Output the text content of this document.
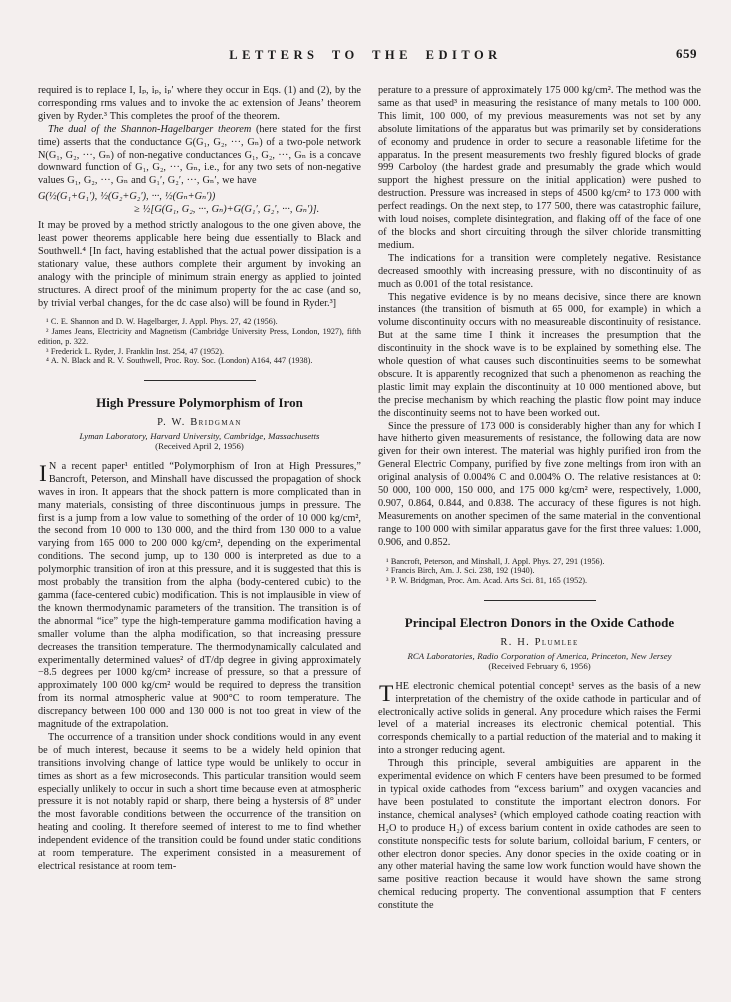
LETTERS TO THE EDITOR	659

required is to replace I, Iₚ, iₚ, iₚ′ where they occur in Eqs. (1) and (2), by the corresponding rms values and to invoke the ac extension of Jeans’ theorem given by Ryder.³ This completes the proof of the theorem.

The dual of the Shannon-Hagelbarger theorem (here stated for the first time) asserts that the conductance G(G₁, G₂, ···, Gₙ) of a two-pole network N(G₁, G₂, ···, Gₙ) of non-negative conductances G₁, G₂, ···, Gₙ is a concave downward function of G₁, G₂, ···, Gₙ, i.e., for any two sets of non-negative values G₁, G₂, ···, Gₙ and G₁′, G₂′, ···, Gₙ′, we have

G(½(G₁+G₁′), ½(G₂+G₂′), ···, ½(Gₙ+Gₙ′))
≥ ½[G(G₁, G₂, ···, Gₙ)+G(G₁′, G₂′, ···, Gₙ′)].

It may be proved by a method strictly analogous to the one given above, the least power theorems applicable here being due essentially to Black and Southwell.⁴ [In fact, having established that the actual power dissipation is a stationary value, these authors complete their argument by invoking an analogy with the principle of minimum strain energy as applied to jointed structures. A direct proof of the minimum property for the ac case (and so, by trivial verbal changes, for the dc case also) will be found in Ryder.³]

¹ C. E. Shannon and D. W. Hagelbarger, J. Appl. Phys. 27, 42 (1956).

² James Jeans, Electricity and Magnetism (Cambridge University Press, London, 1927), fifth edition, p. 322.

³ Frederick L. Ryder, J. Franklin Inst. 254, 47 (1952).

⁴ A. N. Black and R. V. Southwell, Proc. Roy. Soc. (London) A164, 447 (1938).

High Pressure Polymorphism of Iron
P. W. Bridgman
Lyman Laboratory, Harvard University, Cambridge, Massachusetts
(Received April 2, 1956)

I N a recent paper¹ entitled “Polymorphism of Iron at High Pressures,” Bancroft, Peterson, and Minshall have discussed the propagation of shock waves in iron. It appears that the shock pattern is more complicated than in many materials, consisting of three discontinuous jumps in pressure. The first is a jump from a low value to something of the order of 10 000 kg/cm², the second from 10 000 to 130 000, and the third from 130 000 to a value varying from 165 000 to 200 000 kg/cm², depending on the experimental conditions. The second jump, up to 130 000 is interpreted as due to a polymorphic transition of iron at this pressure, and it is suggested that this is most probably the transition from the alpha (body-centered cubic) to the gamma (face-centered cubic) modification. This is not implausible in view of the known thermodynamic parameters of the transition. The transition is of the abnormal “ice” type the high-temperature gamma modification having a smaller volume than the alpha modification, so that increasing pressure decreases the transition temperature. The thermodynamically calculated and experimentally determined values² of dT/dp degree in giving approximately −8.5 degrees per 1000 kg/cm² increase of pressure, so that a pressure of approximately 100 000 kg/cm² would be required to depress the transition from its normal atmospheric value at 900°C to room temperature. The discrepancy between 100 000 and 130 000 is not too great in view of the magnitude of the extrapolation.

The occurrence of a transition under shock conditions would in any event be of much interest, because it seems to be a widely held opinion that transitions involving change of lattice type would be unlikely to occur in times as short as a few microseconds. This particular transition would seem especially unlikely to occur in such a short time because even at atmospheric pressure it is not notably rapid or sharp, there being a hystersis of 8° under the most favorable conditions between the occurrence of the transition on heating and cooling. It therefore seemed of interest to me to find whether independent evidence of the transition could be found under static conditions at room temperature. The experiment consisted in a measurement of electrical resistance at room tem-

perature to a pressure of approximately 175 000 kg/cm². The method was the same as that used³ in measuring the resistance of many metals to 100 000. This limit, 100 000, of my previous measurements was not set by any absolute limitations of the apparatus but was primarily set by considerations of economy and prudence in order to secure a reasonable lifetime for the apparatus. In the present measurements two freshly figured blocks of grade 999 Carboloy (the hardest grade and presumably the grade which would support the highest pressure on the initial application) were pushed to destruction. Pressure was increased in steps of 4500 kg/cm² to 173 000 with perfect readings. On the next step, to 177 500, there was catastrophic failure, with loud noises, complete disintegration, and flaking off of the face of one of the blocks and short circuiting through the silver chloride transmitting medium.

The indications for a transition were completely negative. Resistance decreased smoothly with increasing pressure, with no discontinuity of as much as 0.001 of the total resistance.

This negative evidence is by no means decisive, since there are known instances (the transition of bismuth at 65 000, for example) in which a volume discontinuity occurs with no measureable discontinuity of resistance. But at the same time I think it increases the presumption that the discontinuity in the shock wave is to be explained by something else. The whole question of what causes such discontinuities seems to be somewhat obscure. It is apparently recognized that such a phenomenon as reaching the plastic limit may explain the discontinuity at 10 000 mentioned above, but the precise mechanism by which reaching the plastic flow point may induce the discontinuity seems not to have been worked out.

Since the pressure of 173 000 is considerably higher than any for which I have hitherto given measurements of resistance, the following data are now given for their own interest. The material was highly purified iron from the General Electric Company, purified by five zone meltings from iron with an original analysis of 0.004% C and 0.004% O. The relative resistances at 0: 50 000, 100 000, 150 000, and 175 000 kg/cm² were, respectively, 1.000, 0.907, 0.864, 0.844, and 0.838. The accuracy of these figures is not high. Measurements on another specimen of the same material in the conventional range to 100 000 with similar apparatus gave for the first three values: 1.000, 0.906, and 0.852.

¹ Bancroft, Peterson, and Minshall, J. Appl. Phys. 27, 291 (1956).

² Francis Birch, Am. J. Sci. 238, 192 (1940).

³ P. W. Bridgman, Proc. Am. Acad. Arts Sci. 81, 165 (1952).

Principal Electron Donors in the Oxide Cathode
R. H. Plumlee
RCA Laboratories, Radio Corporation of America, Princeton, New Jersey
(Received February 6, 1956)

THE electronic chemical potential concept¹ serves as the basis of a new interpretation of the chemistry of the oxide cathode in particular and of electronically active solids in general. Any procedure which raises the Fermi level of a material increases its electronic chemical potential. This corresponds chemically to a partial reduction of the material and to making it into a stronger reducing agent.

Through this principle, several ambiguities are apparent in the experimental evidence on which F centers have been presumed to be formed in typical oxide cathodes from “excess barium” and oxygen vacancies and have been postulated to constitute the important electron donors. For instance, chemical analyses² (which employed cathode coating reaction with H₂O to produce H₂) of excess barium content in oxide cathodes are seen to constitute nonspecific tests for solute barium, colloidal barium, F centers, or other electron donor species. Any donor species in the oxide coating or in any other material having the same low work function would have shown the same positive reaction because it would have shown the same strong chemical reducing property. The conventional assumption that F centers constitute the
